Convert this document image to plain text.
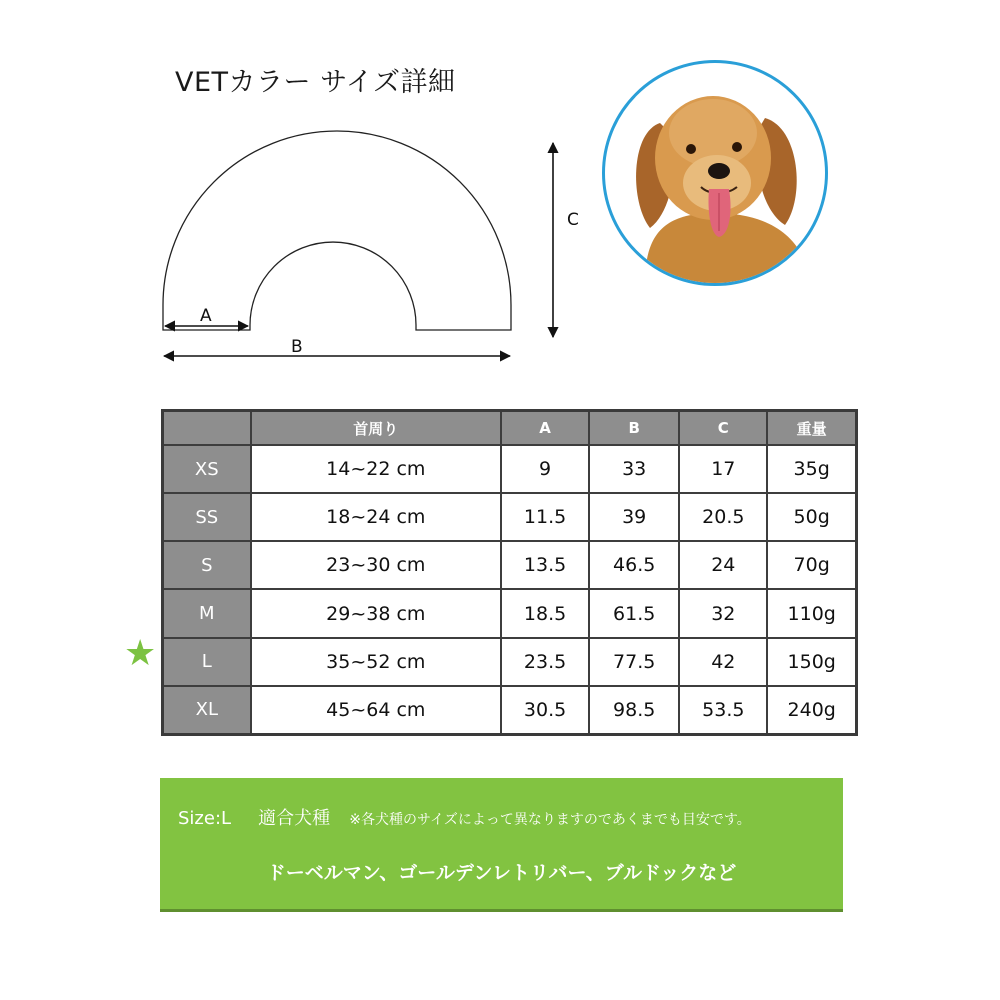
VETカラー サイズ詳細
A
B
C
	首周り	A	B	C	重量
XS	14~22 cm	9	33	17	35g
SS	18~24 cm	11.5	39	20.5	50g
S	23~30 cm	13.5	46.5	24	70g
M	29~38 cm	18.5	61.5	32	110g
L	35~52 cm	23.5	77.5	42	150g
XL	45~64 cm	30.5	98.5	53.5	240g
★
Size:L 適合犬種 ※各犬種のサイズによって異なりますのであくまでも目安です。
ドーベルマン、ゴールデンレトリバー、ブルドックなど
